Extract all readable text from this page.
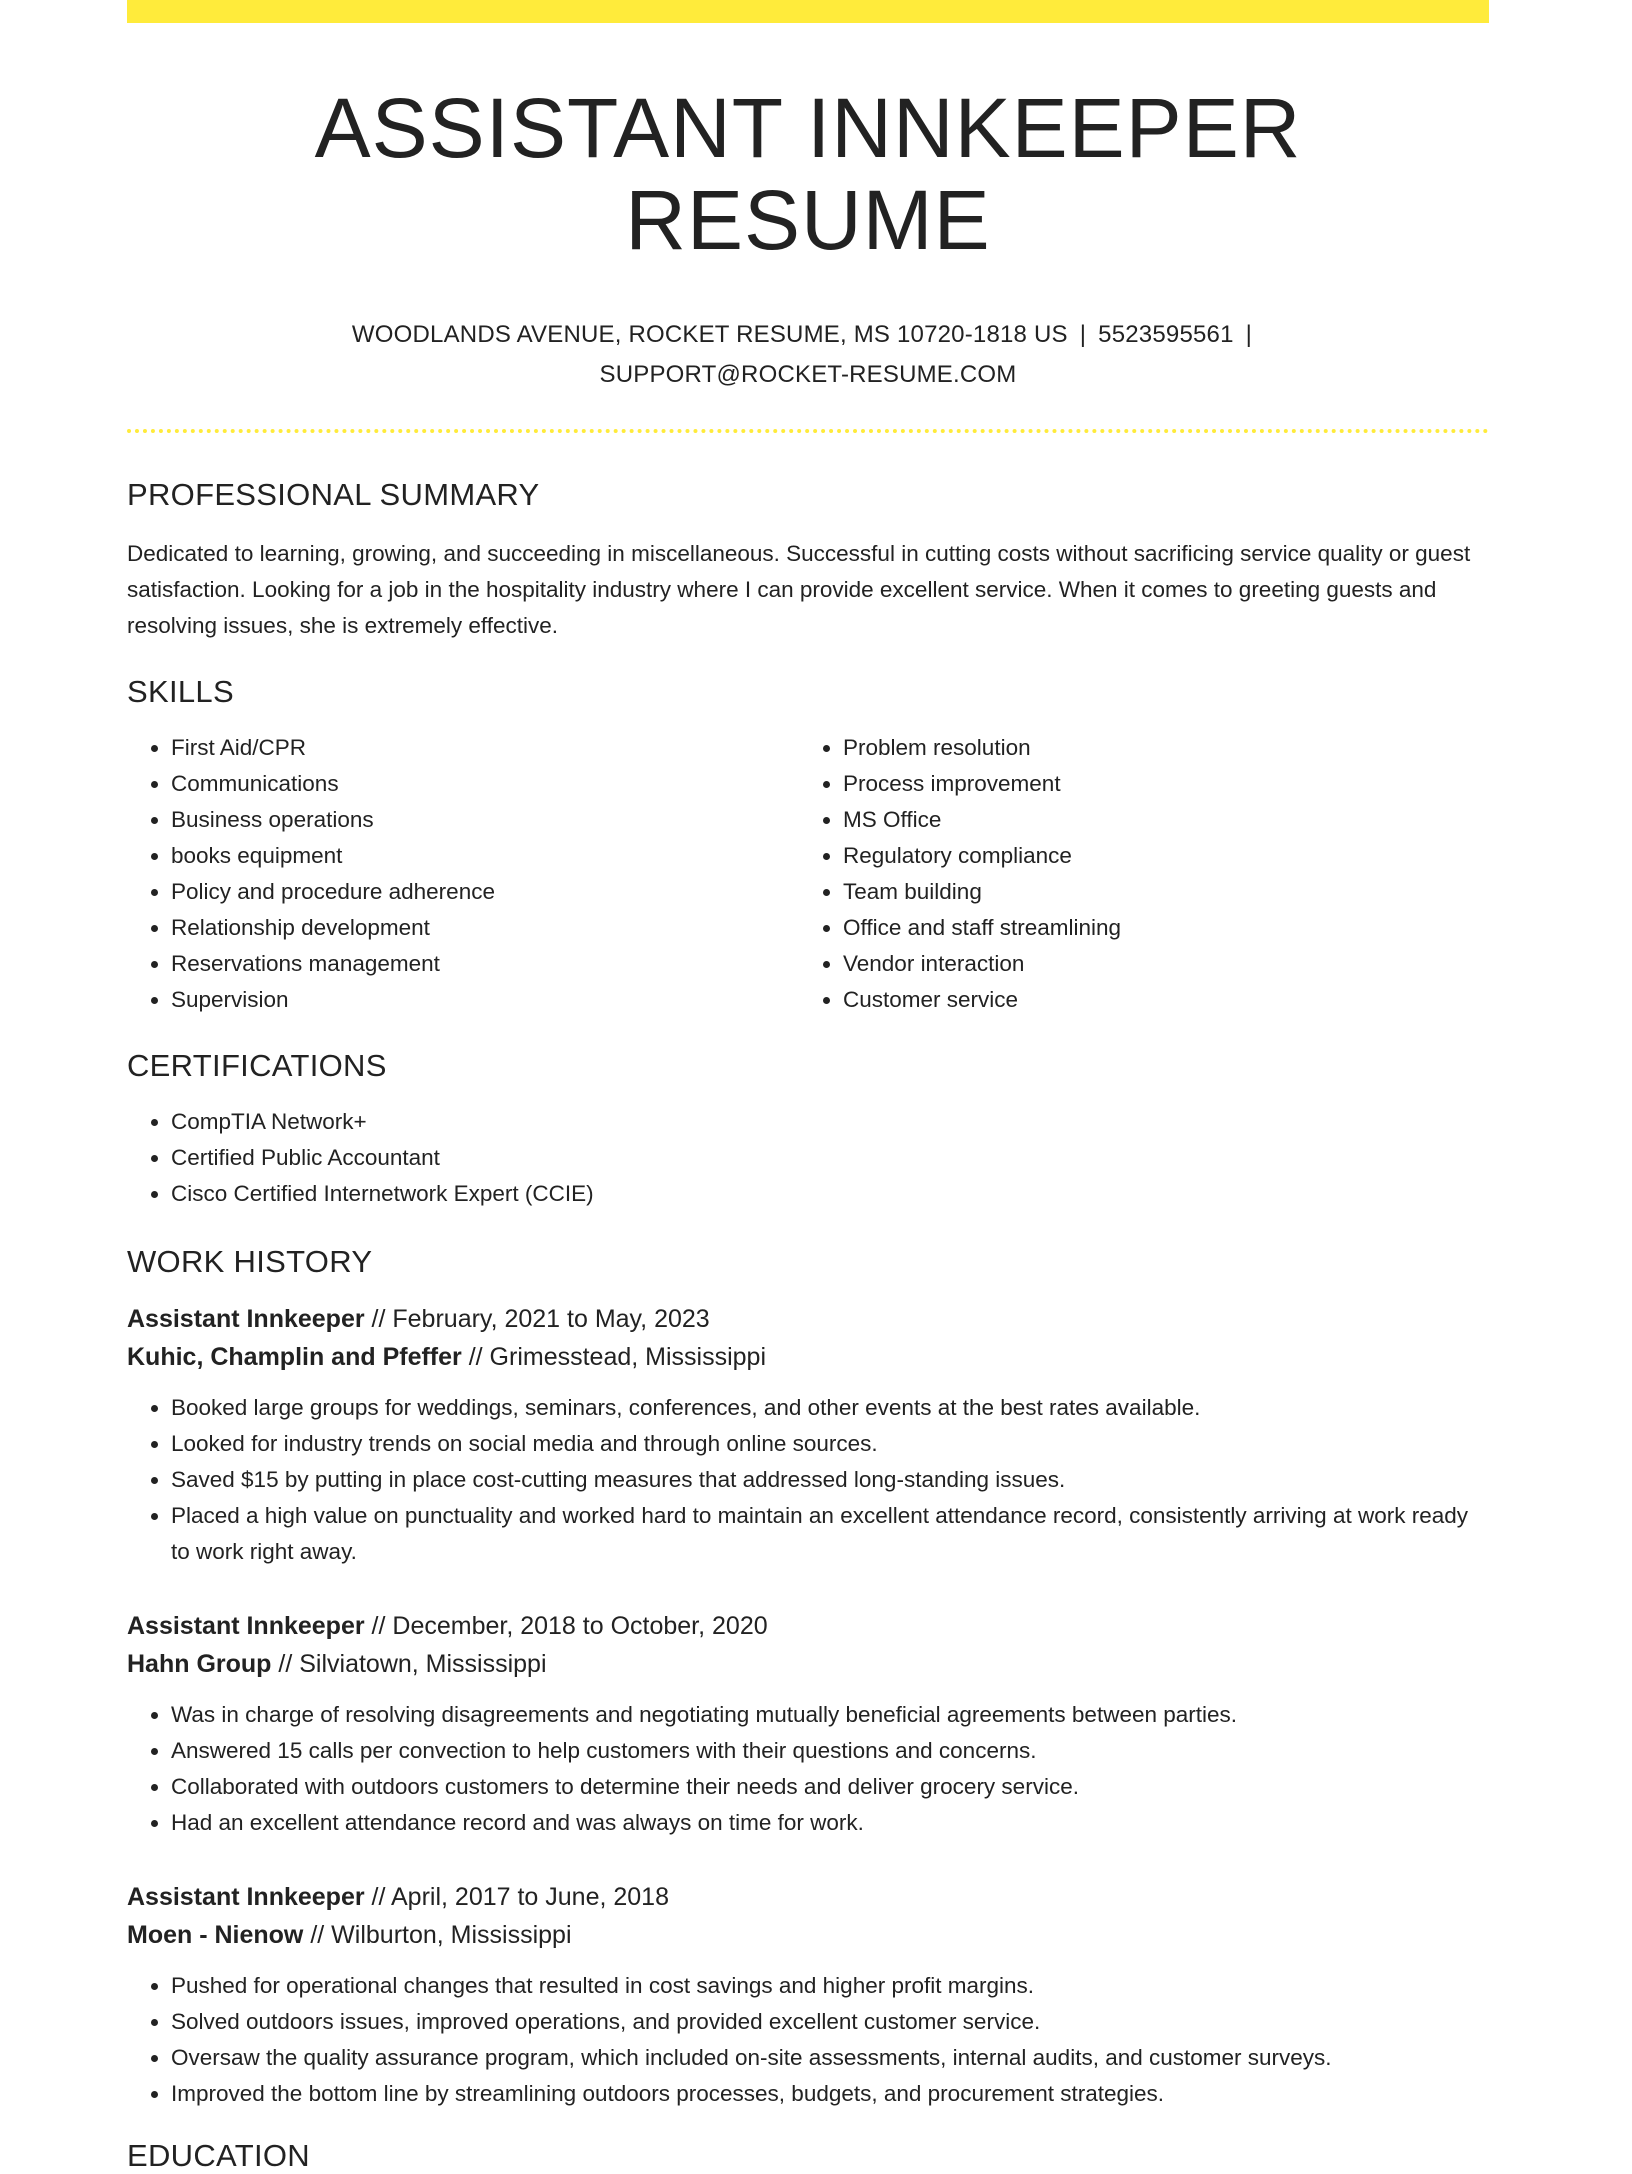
ASSISTANT INNKEEPER RESUME
WOODLANDS AVENUE, ROCKET RESUME, MS 10720-1818 US | 5523595561 |
SUPPORT@ROCKET-RESUME.COM
PROFESSIONAL SUMMARY

Dedicated to learning, growing, and succeeding in miscellaneous. Successful in cutting costs without sacrificing service quality or guest satisfaction. Looking for a job in the hospitality industry where I can provide excellent service. When it comes to greeting guests and resolving issues, she is extremely effective.

SKILLS
• First Aid/CPR
• Communications
• Business operations
• books equipment
• Policy and procedure adherence
• Relationship development
• Reservations management
• Supervision
• Problem resolution
• Process improvement
• MS Office
• Regulatory compliance
• Team building
• Office and staff streamlining
• Vendor interaction
• Customer service
CERTIFICATIONS
• CompTIA Network+
• Certified Public Accountant
• Cisco Certified Internetwork Expert (CCIE)
WORK HISTORY

Assistant Innkeeper // February, 2021 to May, 2023

Kuhic, Champlin and Pfeffer // Grimesstead, Mississippi

• Booked large groups for weddings, seminars, conferences, and other events at the best rates available.
• Looked for industry trends on social media and through online sources.
• Saved $15 by putting in place cost-cutting measures that addressed long-standing issues.
• Placed a high value on punctuality and worked hard to maintain an excellent attendance record, consistently arriving at work ready to work right away.

Assistant Innkeeper // December, 2018 to October, 2020

Hahn Group // Silviatown, Mississippi

• Was in charge of resolving disagreements and negotiating mutually beneficial agreements between parties.
• Answered 15 calls per convection to help customers with their questions and concerns.
• Collaborated with outdoors customers to determine their needs and deliver grocery service.
• Had an excellent attendance record and was always on time for work.

Assistant Innkeeper // April, 2017 to June, 2018

Moen - Nienow // Wilburton, Mississippi

• Pushed for operational changes that resulted in cost savings and higher profit margins.
• Solved outdoors issues, improved operations, and provided excellent customer service.
• Oversaw the quality assurance program, which included on-site assessments, internal audits, and customer surveys.
• Improved the bottom line by streamlining outdoors processes, budgets, and procurement strategies.
EDUCATION
